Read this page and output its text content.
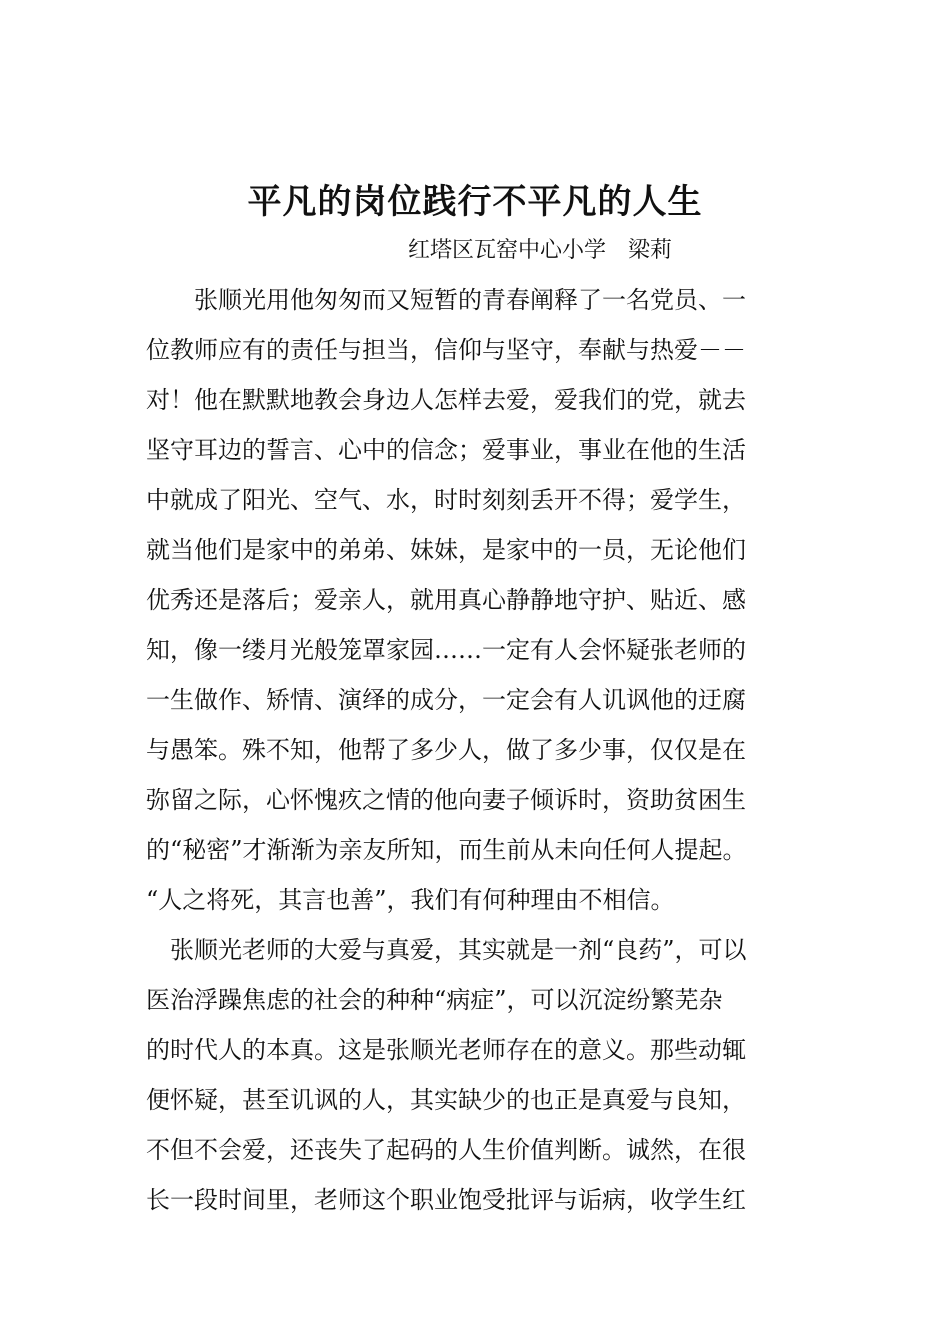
平凡的岗位践行不平凡的人生
红塔区瓦窑中心小学　梁莉
　　张顺光用他匆匆而又短暂的青春阐释了一名党员、一
位教师应有的责任与担当，信仰与坚守，奉献与热爱－－
对！他在默默地教会身边人怎样去爱，爱我们的党，就去
坚守耳边的誓言、心中的信念；爱事业，事业在他的生活
中就成了阳光、空气、水，时时刻刻丢开不得；爱学生，
就当他们是家中的弟弟、妹妹，是家中的一员，无论他们
优秀还是落后；爱亲人，就用真心静静地守护、贴近、感
知，像一缕月光般笼罩家园……一定有人会怀疑张老师的
一生做作、矫情、演绎的成分，一定会有人讥讽他的迂腐
与愚笨。殊不知，他帮了多少人，做了多少事，仅仅是在
弥留之际，心怀愧疚之情的他向妻子倾诉时，资助贫困生
的“秘密”才渐渐为亲友所知，而生前从未向任何人提起。
“人之将死，其言也善”，我们有何种理由不相信。
　张顺光老师的大爱与真爱，其实就是一剂“良药”，可以
医治浮躁焦虑的社会的种种“病症”，可以沉淀纷繁芜杂
的时代人的本真。这是张顺光老师存在的意义。那些动辄
便怀疑，甚至讥讽的人，其实缺少的也正是真爱与良知，
不但不会爱，还丧失了起码的人生价值判断。诚然，在很
长一段时间里，老师这个职业饱受批评与诟病，收学生红
